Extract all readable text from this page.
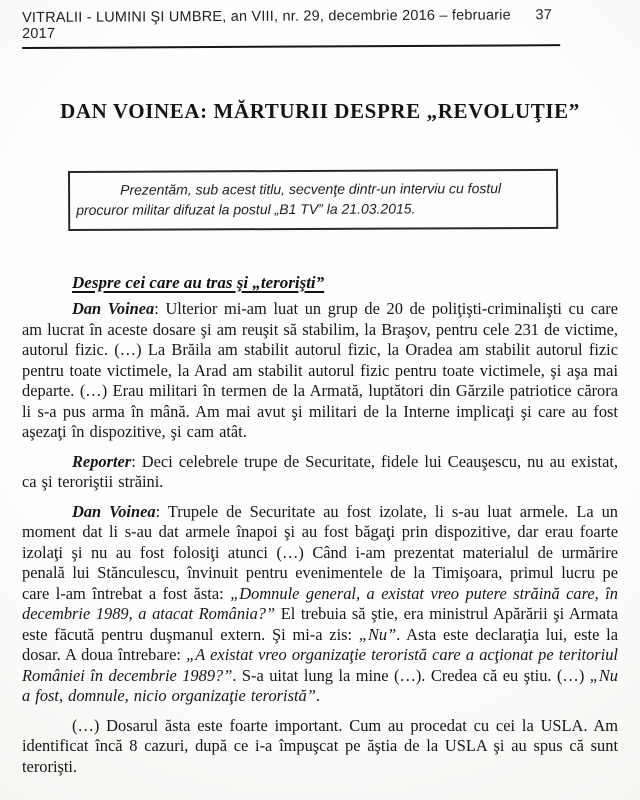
VITRALII - LUMINI ŞI UMBRE, an VIII, nr. 29, decembrie 2016 – februarie 2017
37
DAN VOINEA: MĂRTURII DESPRE „REVOLUŢIE”
Prezentăm, sub acest titlu, secvenţe dintr-un interviu cu fostul procuror militar difuzat la postul „B1 TV” la 21.03.2015.
Despre cei care au tras şi „terorişti”

Dan Voinea: Ulterior mi-am luat un grup de 20 de poliţişti-criminalişti cu care am lucrat în aceste dosare şi am reuşit să stabilim, la Braşov, pentru cele 231 de victime, autorul fizic. (…) La Brăila am stabilit autorul fizic, la Oradea am stabilit autorul fizic pentru toate victimele, la Arad am stabilit autorul fizic pentru toate victimele, şi aşa mai departe. (…) Erau militari în termen de la Armată, luptători din Gărzile patriotice cărora li s-a pus arma în mână. Am mai avut şi militari de la Interne implicaţi şi care au fost aşezaţi în dispozitive, şi cam atât.

Reporter: Deci celebrele trupe de Securitate, fidele lui Ceauşescu, nu au existat, ca şi teroriştii străini.

Dan Voinea: Trupele de Securitate au fost izolate, li s-au luat armele. La un moment dat li s-au dat armele înapoi şi au fost băgaţi prin dispozitive, dar erau foarte izolaţi şi nu au fost folosiţi atunci (…) Când i-am prezentat materialul de urmărire penală lui Stănculescu, învinuit pentru evenimentele de la Timişoara, primul lucru pe care l-am întrebat a fost ăsta: „Domnule general, a existat vreo putere străină care, în decembrie 1989, a atacat România?” El trebuia să ştie, era ministrul Apărării şi Armata este făcută pentru duşmanul extern. Şi mi-a zis: „Nu”. Asta este declaraţia lui, este la dosar. A doua întrebare: „A existat vreo organizaţie teroristă care a acţionat pe teritoriul României în decembrie 1989?”. S-a uitat lung la mine (…). Credea că eu ştiu. (…) „Nu a fost, domnule, nicio organizaţie teroristă”.

(…) Dosarul ăsta este foarte important. Cum au procedat cu cei la USLA. Am identificat încă 8 cazuri, după ce i-a împuşcat pe ăştia de la USLA şi au spus că sunt terorişti.
